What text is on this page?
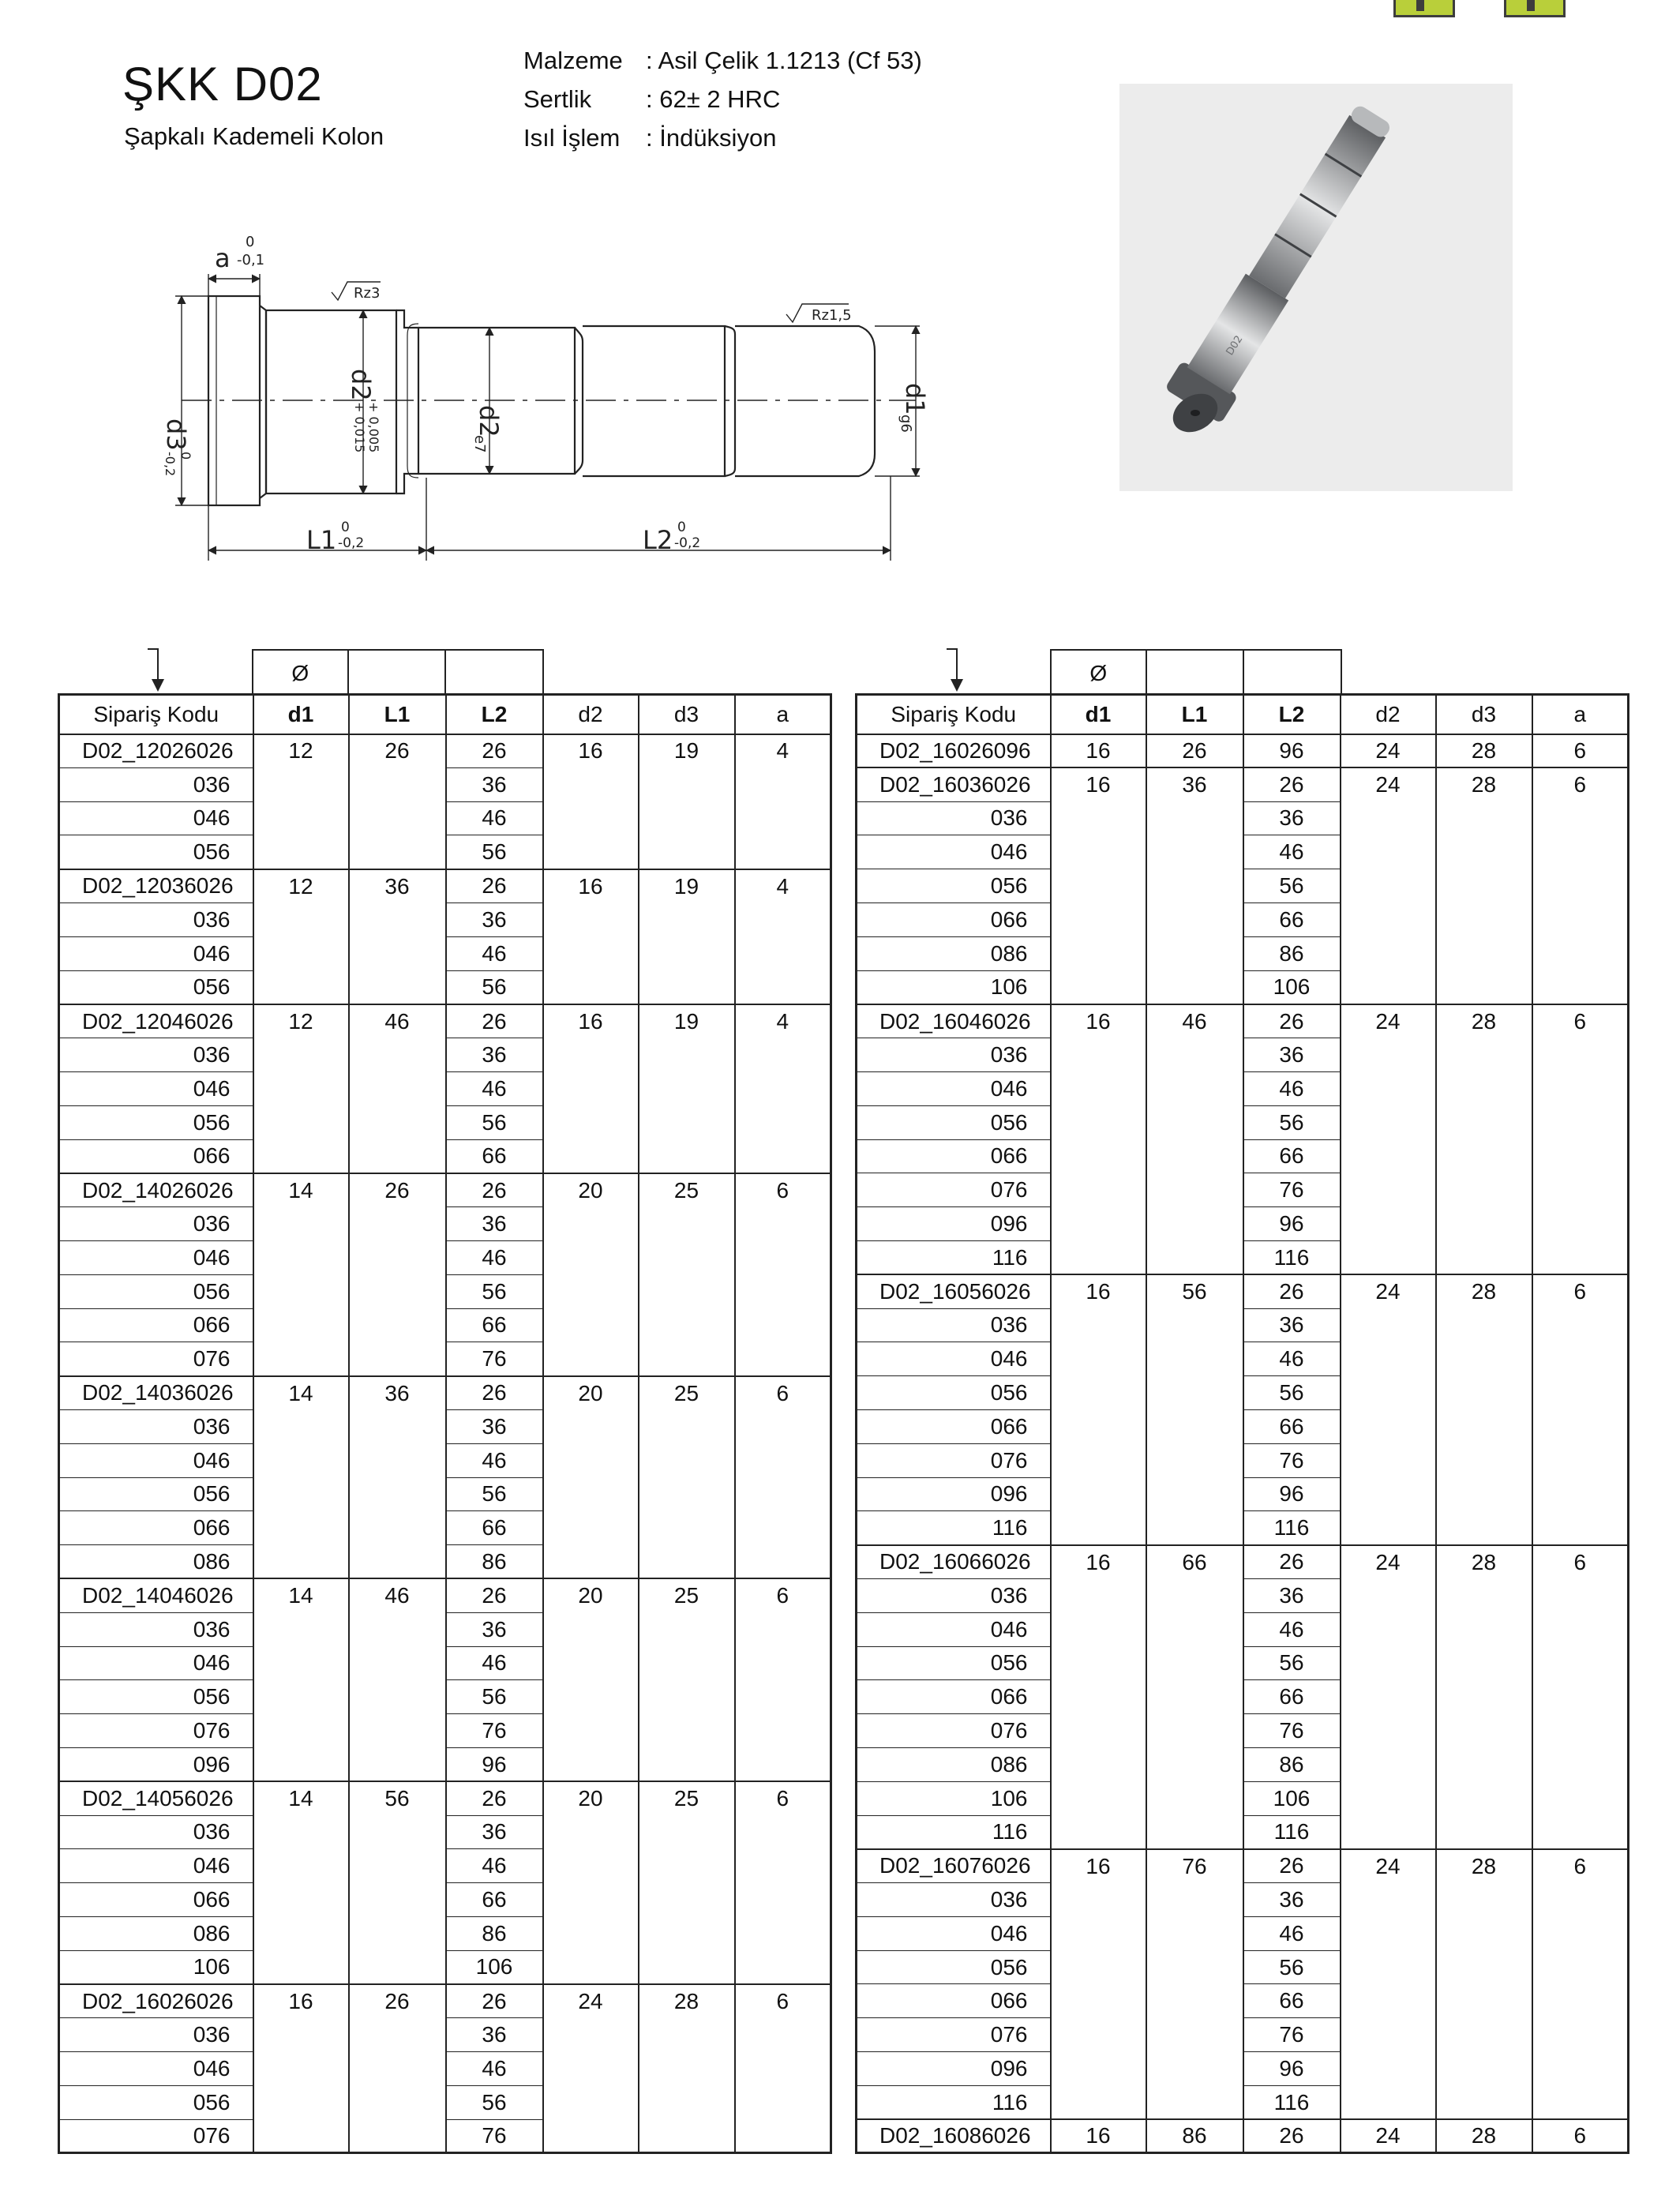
ŞKK D02
Şapkalı Kademeli Kolon
Malzeme : Asil Çelik 1.1213 (Cf 53)
Sertlik	: 62± 2 HRC
Isıl İşlem	: İndüksiyon
a
0
-0,1
Rz3
Rz1,5
d3
0
-0,2
d2
+ 0,005
+ 0,015	d2
e7
d1
g6
L1 0
-0,2	L2 0
-0,2
D02
Ø			Ø		
Sipariş Kodu	d1	L1	L2	d2	d3	a
D02_12026026	12	26	26	16	19	4
036			36			
046			46			
056			56			
D02_12036026	12	36	26	16	19	4
036			36			
046			46			
056			56			
D02_12046026	12	46	26	16	19	4
036			36			
046			46			
056			56			
066			66			
D02_14026026	14	26	26	20	25	6
036			36			
046			46			
056			56			
066			66			
076			76			
D02_14036026	14	36	26	20	25	6
036			36			
046			46			
056			56			
066			66			
086			86			
D02_14046026	14	46	26	20	25	6
036			36			
046			46			
056			56			
076			76			
096			96			
D02_14056026	14	56	26	20	25	6
036			36			
046			46			
066			66			
086			86			
106			106			
D02_16026026	16	26	26	24	28	6
036			36			
046			46			
056			56			
076			76			
Sipariş Kodu	d1	L1	L2	d2	d3	a
D02_16026096	16	26	96	24	28	6
D02_16036026	16	36	26	24	28	6
036			36			
046			46			
056			56			
066			66			
086			86			
106			106			
D02_16046026	16	46	26	24	28	6
036			36			
046			46			
056			56			
066			66			
076			76			
096			96			
116			116			
D02_16056026	16	56	26	24	28	6
036			36			
046			46			
056			56			
066			66			
076			76			
096			96			
116			116			
D02_16066026	16	66	26	24	28	6
036			36			
046			46			
056			56			
066			66			
076			76			
086			86			
106			106			
116			116			
D02_16076026	16	76	26	24	28	6
036			36			
046			46			
056			56			
066			66			
076			76			
096			96			
116			116			
D02_16086026	16	86	26	24	28	6
